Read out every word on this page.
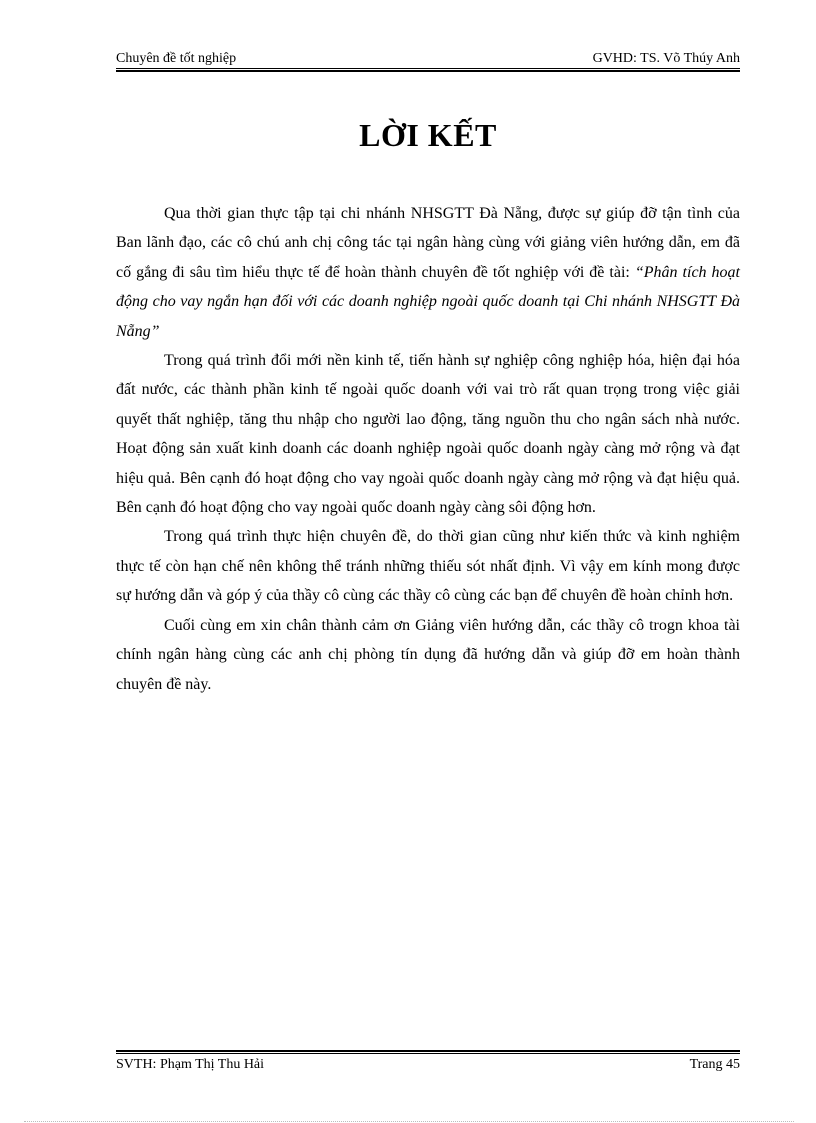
Chuyên đề tốt nghiệp	GVHD: TS. Võ Thúy Anh
LỜI KẾT

Qua thời gian thực tập tại chi nhánh NHSGTT Đà Nẵng, được sự giúp đỡ tận tình của Ban lãnh đạo, các cô chú anh chị công tác tại ngân hàng cùng với giảng viên hướng dẫn, em đã cố gắng đi sâu tìm hiểu thực tế để hoàn thành chuyên đề tốt nghiệp với đề tài: “Phân tích hoạt động cho vay ngắn hạn đối với các doanh nghiệp ngoài quốc doanh tại Chi nhánh NHSGTT Đà Nẵng”

Trong quá trình đổi mới nền kinh tế, tiến hành sự nghiệp công nghiệp hóa, hiện đại hóa đất nước, các thành phần kinh tế ngoài quốc doanh với vai trò rất quan trọng trong việc giải quyết thất nghiệp, tăng thu nhập cho người lao động, tăng nguồn thu cho ngân sách nhà nước. Hoạt động sản xuất kinh doanh các doanh nghiệp ngoài quốc doanh ngày càng mở rộng và đạt hiệu quả. Bên cạnh đó hoạt động cho vay ngoài quốc doanh ngày càng mở rộng và đạt hiệu quả. Bên cạnh đó hoạt động cho vay ngoài quốc doanh ngày càng sôi động hơn.

Trong quá trình thực hiện chuyên đề, do thời gian cũng như kiến thức và kinh nghiệm thực tế còn hạn chế nên không thể tránh những thiếu sót nhất định. Vì vậy em kính mong được sự hướng dẫn và góp ý của thầy cô cùng các thầy cô cùng các bạn để chuyên đề hoàn chỉnh hơn.

Cuối cùng em xin chân thành cảm ơn Giảng viên hướng dẫn, các thầy cô trogn khoa tài chính ngân hàng cùng các anh chị phòng tín dụng đã hướng dẫn và giúp đỡ em hoàn thành chuyên đề này.

SVTH: Phạm Thị Thu Hải	Trang 45
